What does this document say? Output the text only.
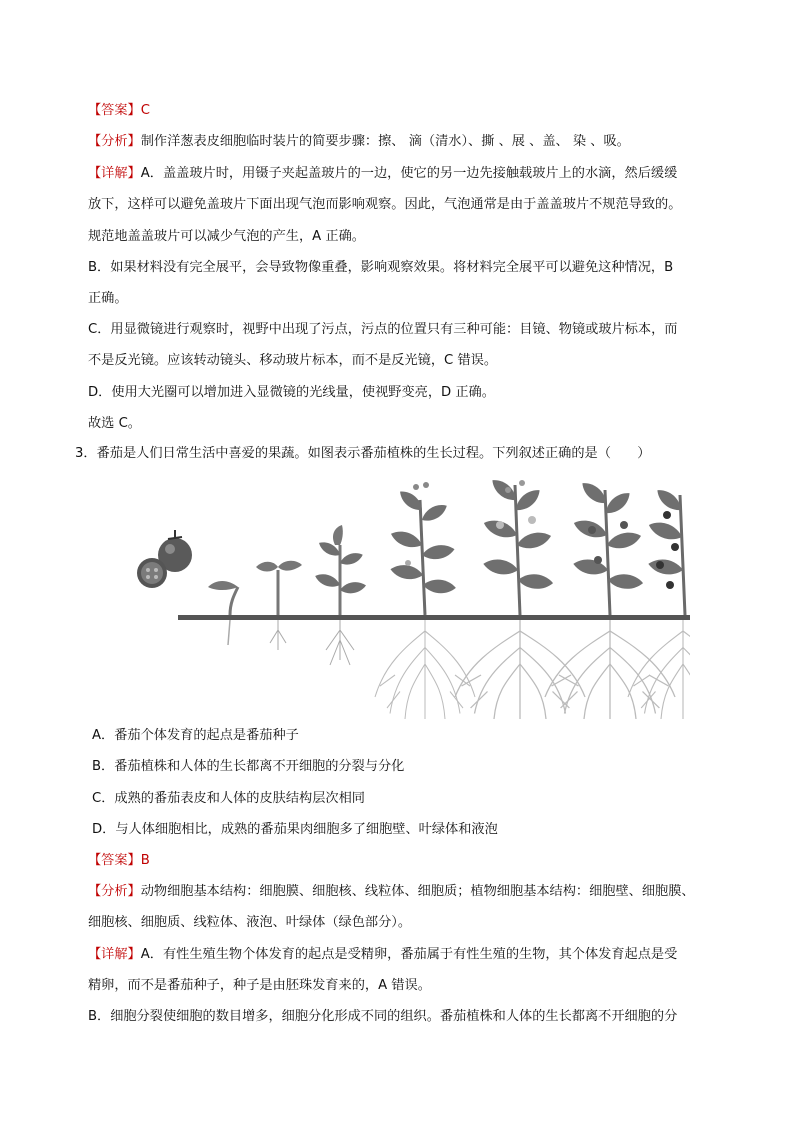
【答案】C
【分析】制作洋葱表皮细胞临时装片的简要步骤：擦、 滴（清水）、撕 、展 、盖、 染 、吸。
【详解】A．盖盖玻片时，用镊子夹起盖玻片的一边，使它的另一边先接触载玻片上的水滴，然后缓缓
放下，这样可以避免盖玻片下面出现气泡而影响观察。因此，气泡通常是由于盖盖玻片不规范导致的。
规范地盖盖玻片可以减少气泡的产生，A 正确。
B．如果材料没有完全展平，会导致物像重叠，影响观察效果。将材料完全展平可以避免这种情况，B
正确。
C．用显微镜进行观察时，视野中出现了污点，污点的位置只有三种可能：目镜、物镜或玻片标本，而
不是反光镜。应该转动镜头、移动玻片标本，而不是反光镜，C 错误。
D．使用大光圈可以增加进入显微镜的光线量，使视野变亮，D 正确。
故选 C。
3．番茄是人们日常生活中喜爱的果蔬。如图表示番茄植株的生长过程。下列叙述正确的是（　　）
A．番茄个体发育的起点是番茄种子
B．番茄植株和人体的生长都离不开细胞的分裂与分化
C．成熟的番茄表皮和人体的皮肤结构层次相同
D．与人体细胞相比，成熟的番茄果肉细胞多了细胞壁、叶绿体和液泡
【答案】B
【分析】动物细胞基本结构：细胞膜、细胞核、线粒体、细胞质；植物细胞基本结构：细胞壁、细胞膜、
细胞核、细胞质、线粒体、液泡、叶绿体（绿色部分）。
【详解】A．有性生殖生物个体发育的起点是受精卵，番茄属于有性生殖的生物，其个体发育起点是受
精卵，而不是番茄种子，种子是由胚珠发育来的，A 错误。
B．细胞分裂使细胞的数目增多，细胞分化形成不同的组织。番茄植株和人体的生长都离不开细胞的分
